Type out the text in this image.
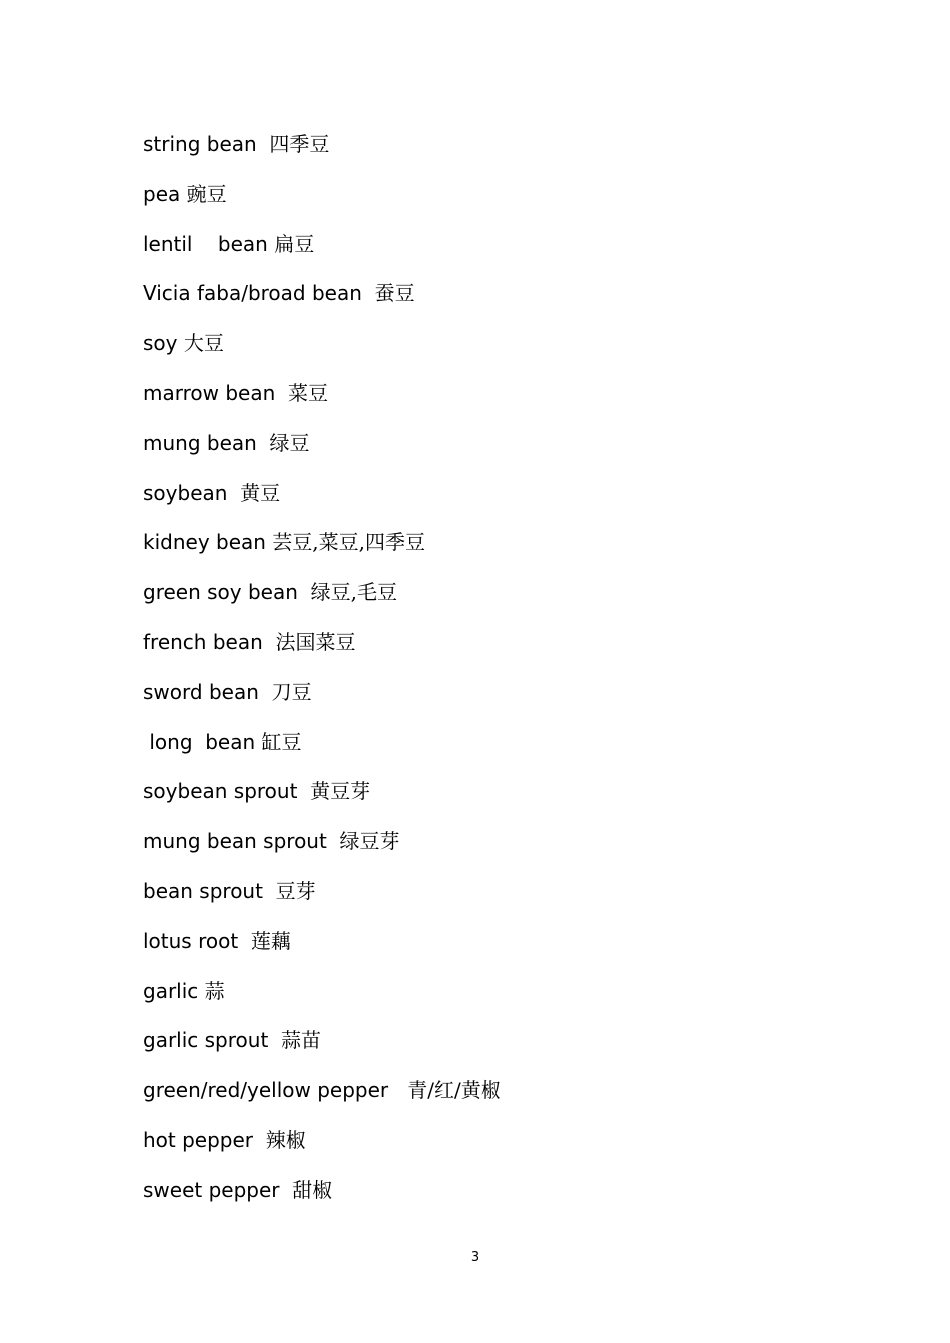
string bean  四季豆
pea 豌豆
lentil    bean 扁豆
Vicia faba/broad bean  蚕豆
soy 大豆
marrow bean  菜豆
mung bean  绿豆
soybean  黄豆
kidney bean 芸豆,菜豆,四季豆
green soy bean  绿豆,毛豆
french bean  法国菜豆
sword bean  刀豆
long  bean 缸豆
soybean sprout  黄豆芽
mung bean sprout  绿豆芽
bean sprout  豆芽
lotus root  莲藕
garlic 蒜
garlic sprout  蒜苗
green/red/yellow pepper   青/红/黄椒
hot pepper  辣椒
sweet pepper  甜椒
3
